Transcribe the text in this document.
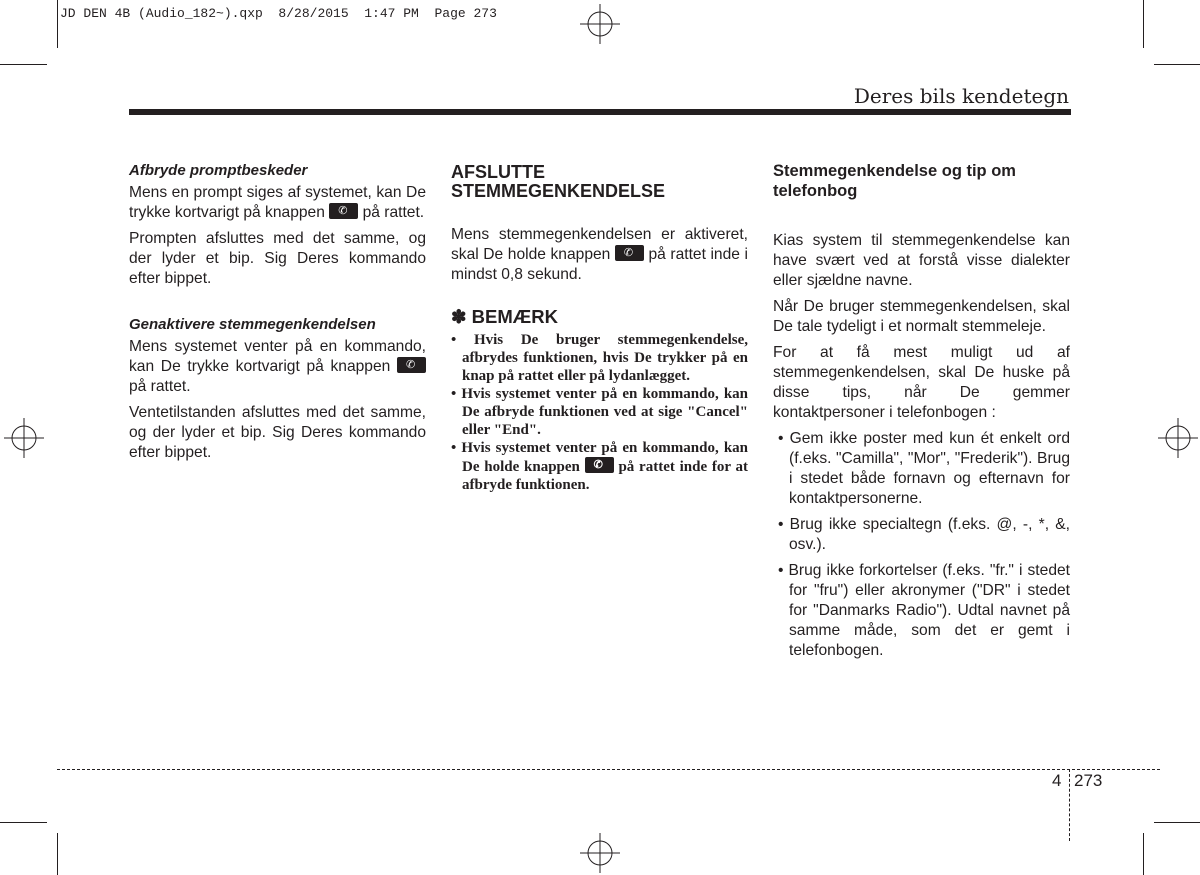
JD DEN 4B (Audio_182~).qxp  8/28/2015  1:47 PM  Page 273
Deres bils kendetegn
Afbryde promptbeskeder

Mens en prompt siges af systemet, kan De trykke kortvarigt på knappen ✆ på rattet.

Prompten afsluttes med det samme, og der lyder et bip. Sig Deres kommando efter bippet.

Genaktivere stemmegenkendelsen

Mens systemet venter på en kommando, kan De trykke kortvarigt på knappen ✆ på rattet.

Ventetilstanden afsluttes med det samme, og der lyder et bip. Sig Deres kommando efter bippet.

AFSLUTTE
STEMMEGENKENDELSE

Mens stemmegenkendelsen er aktiveret, skal De holde knappen ✆ på rattet inde i mindst 0,8 sekund.

✽ BEMÆRK
• Hvis De bruger stemmegenkendelse, afbrydes funktionen, hvis De trykker på en knap på rattet eller på lydanlægget.
• Hvis systemet venter på en kommando, kan De afbryde funktionen ved at sige "Cancel" eller "End".
• Hvis systemet venter på en kommando, kan De holde knappen ✆	på rattet inde for at afbryde funktionen.
Stemmegenkendelse og tip om telefonbog

Kias system til stemmegenkendelse kan have svært ved at forstå visse dialekter eller sjældne navne.

Når De bruger stemmegenkendelsen, skal De tale tydeligt i et normalt stemmeleje.

For at få mest muligt ud af stemmegenkendelsen, skal De huske på disse tips, når De gemmer kontaktpersoner i telefonbogen :

• Gem ikke poster med kun ét enkelt ord (f.eks. "Camilla", "Mor", "Frederik"). Brug i stedet både fornavn og efternavn for kontaktpersonerne.
• Brug ikke specialtegn (f.eks. @, -, *, &, osv.).
• Brug ikke forkortelser (f.eks. "fr." i stedet for "fru") eller akronymer ("DR" i stedet for "Danmarks Radio"). Udtal navnet på samme måde, som det er gemt i telefonbogen.
4 273
